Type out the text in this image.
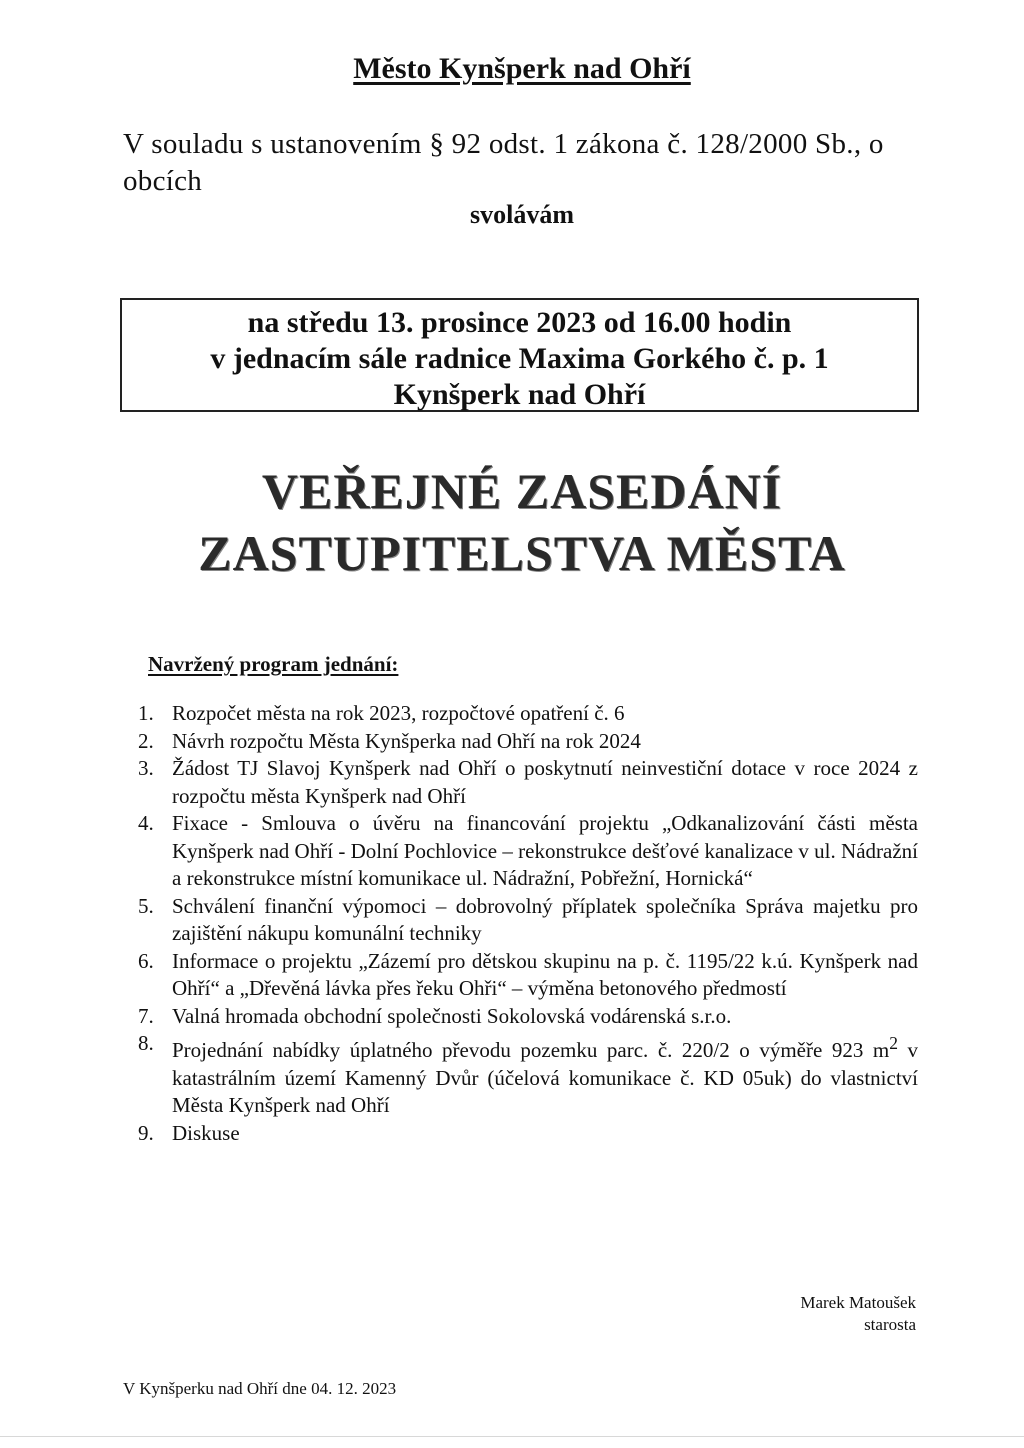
Město Kynšperk nad Ohří
V souladu s ustanovením § 92 odst. 1 zákona č. 128/2000 Sb., o obcích
svolávám
na středu 13. prosince 2023 od 16.00 hodin
v jednacím sále radnice Maxima Gorkého č. p. 1
Kynšperk nad Ohří
VEŘEJNÉ ZASEDÁNÍ
ZASTUPITELSTVA MĚSTA
Navržený program jednání:
1. Rozpočet města na rok 2023, rozpočtové opatření č. 6
2. Návrh rozpočtu Města Kynšperka nad Ohří na rok 2024
3. Žádost TJ Slavoj Kynšperk nad Ohří o poskytnutí neinvestiční dotace v roce 2024 z rozpočtu města Kynšperk nad Ohří
4. Fixace - Smlouva o úvěru na financování projektu „Odkanalizování části města Kynšperk nad Ohří - Dolní Pochlovice – rekonstrukce dešťové kanalizace v ul. Nádražní a rekonstrukce místní komunikace ul. Nádražní, Pobřežní, Hornická“
5. Schválení finanční výpomoci – dobrovolný příplatek společníka Správa majetku pro zajištění nákupu komunální techniky
6. Informace o projektu „Zázemí pro dětskou skupinu na p. č. 1195/22 k.ú. Kynšperk nad Ohří“ a „Dřevěná lávka přes řeku Ohři“ – výměna betonového předmostí
7. Valná hromada obchodní společnosti Sokolovská vodárenská s.r.o.
8. Projednání nabídky úplatného převodu pozemku parc. č. 220/2 o výměře 923 $m^2$ v katastrálním území Kamenný Dvůr (účelová komunikace č. KD 05uk) do vlastnictví Města Kynšperk nad Ohří
9. Diskuse
Marek Matoušek
starosta
V Kynšperku nad Ohří dne 04. 12. 2023
